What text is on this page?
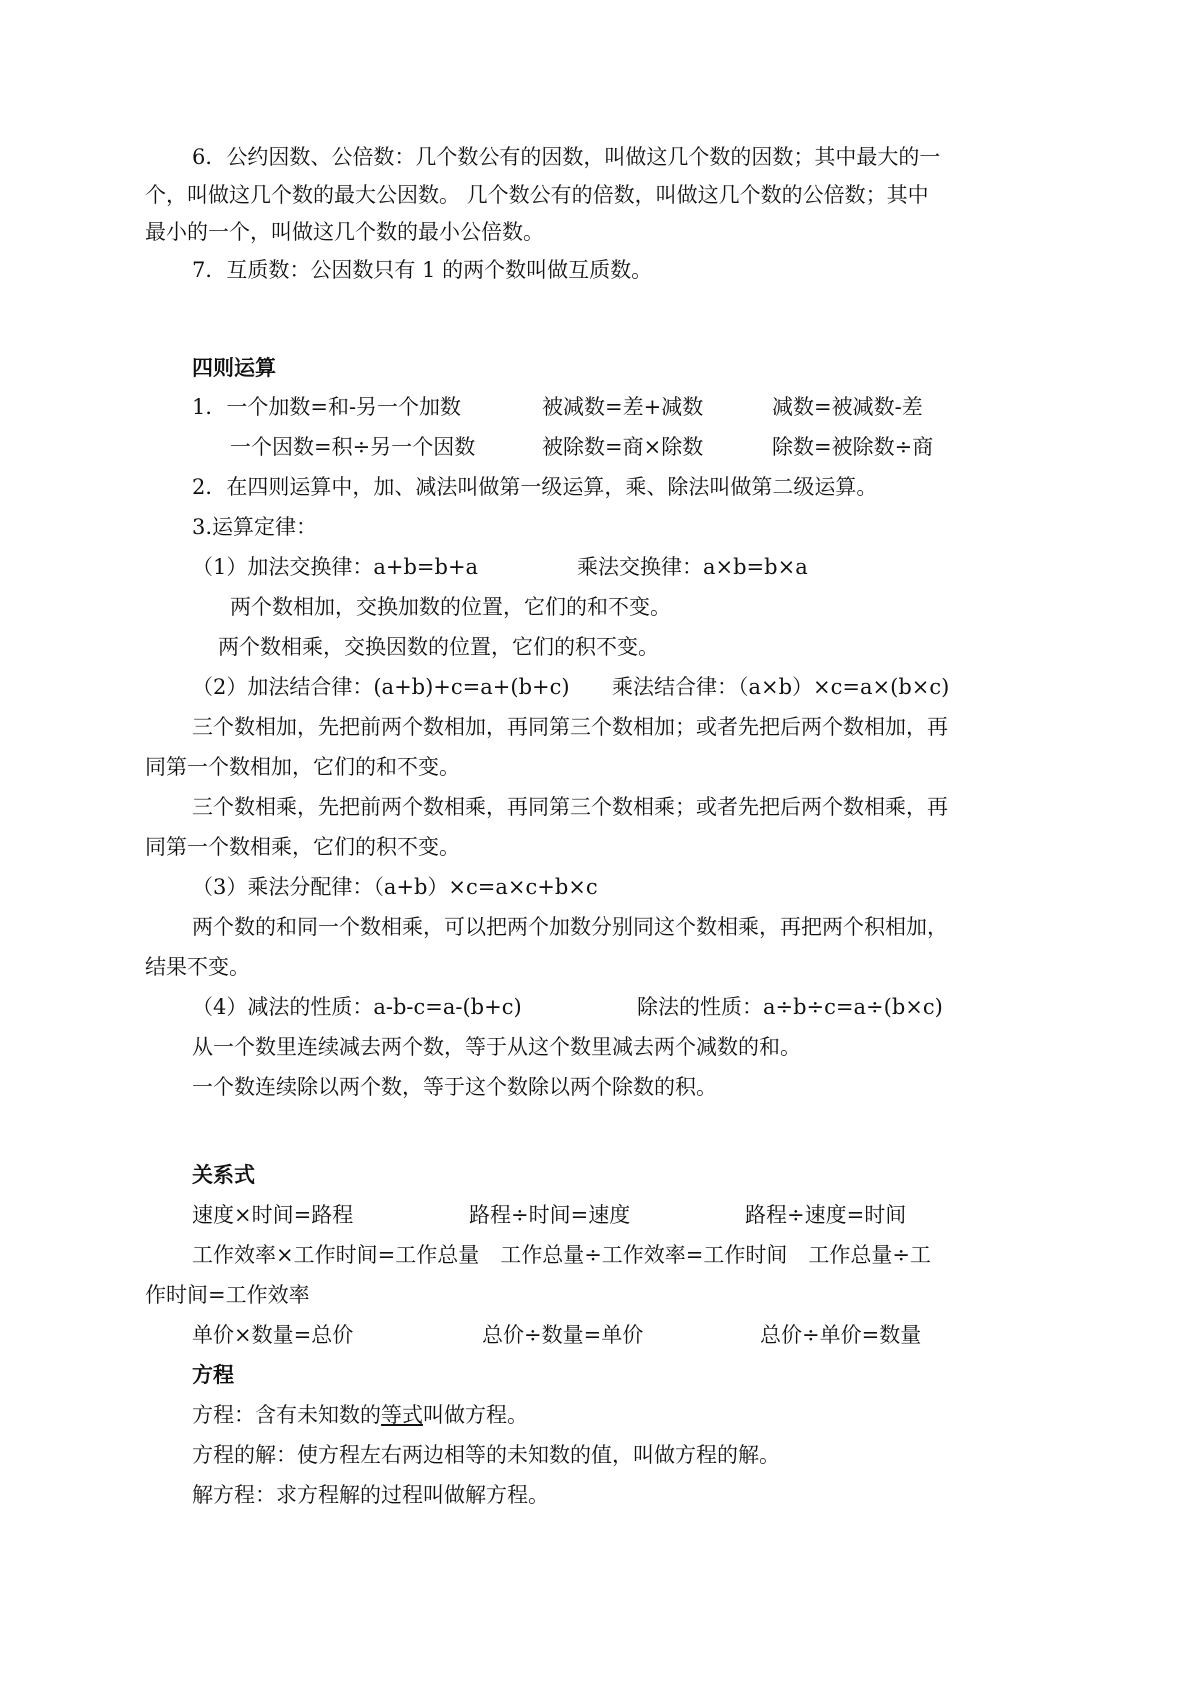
6．公约因数、公倍数：几个数公有的因数，叫做这几个数的因数；其中最大的一
个，叫做这几个数的最大公因数。 几个数公有的倍数，叫做这几个数的公倍数；其中
最小的一个，叫做这几个数的最小公倍数。
7．互质数：公因数只有 1 的两个数叫做互质数。
四则运算
1．一个加数=和-另一个加数	被减数=差+减数	减数=被减数-差
一个因数=积÷另一个因数	被除数=商×除数	除数=被除数÷商
2．在四则运算中，加、减法叫做第一级运算，乘、除法叫做第二级运算。
3.运算定律：
（1）加法交换律：a+b=b+a	乘法交换律：a×b=b×a
两个数相加，交换加数的位置，它们的和不变。
两个数相乘，交换因数的位置，它们的积不变。
（2）加法结合律：(a+b)+c=a+(b+c) 乘法结合律：（a×b）×c=a×(b×c)
三个数相加，先把前两个数相加，再同第三个数相加；或者先把后两个数相加，再
同第一个数相加，它们的和不变。
三个数相乘，先把前两个数相乘，再同第三个数相乘；或者先把后两个数相乘，再
同第一个数相乘，它们的积不变。
（3）乘法分配律：（a+b）×c=a×c+b×c
两个数的和同一个数相乘，可以把两个加数分别同这个数相乘，再把两个积相加，
结果不变。
（4）减法的性质：a-b-c=a-(b+c)	除法的性质：a÷b÷c=a÷(b×c)
从一个数里连续减去两个数，等于从这个数里减去两个减数的和。
一个数连续除以两个数，等于这个数除以两个除数的积。
关系式
速度×时间=路程	路程÷时间=速度	路程÷速度=时间
工作效率×工作时间=工作总量　工作总量÷工作效率=工作时间　工作总量÷工
作时间=工作效率
单价×数量=总价	总价÷数量=单价	总价÷单价=数量
方程
方程：含有未知数的等式叫做方程。
方程的解：使方程左右两边相等的未知数的值，叫做方程的解。
解方程：求方程解的过程叫做解方程。
